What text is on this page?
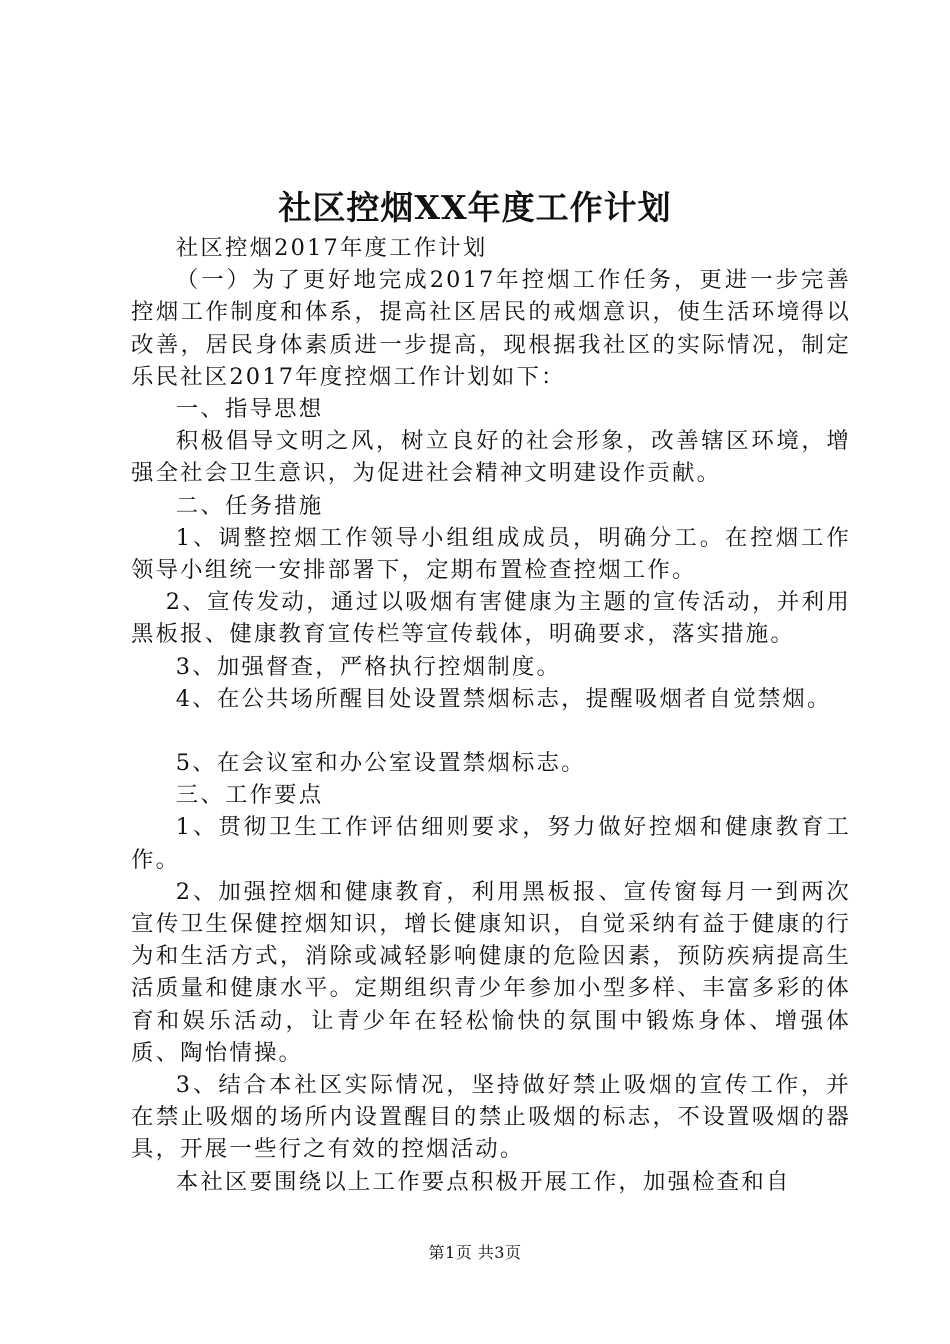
社区控烟XX年度工作计划

社区控烟2017年度工作计划

（一）为了更好地完成2017年控烟工作任务，更进一步完善控烟工作制度和体系，提高社区居民的戒烟意识，使生活环境得以改善，居民身体素质进一步提高，现根据我社区的实际情况，制定乐民社区2017年度控烟工作计划如下：

一、指导思想

积极倡导文明之风，树立良好的社会形象，改善辖区环境，增强全社会卫生意识，为促进社会精神文明建设作贡献。

二、任务措施

1、调整控烟工作领导小组组成成员，明确分工。在控烟工作领导小组统一安排部署下，定期布置检查控烟工作。

2、宣传发动，通过以吸烟有害健康为主题的宣传活动，并利用黑板报、健康教育宣传栏等宣传载体，明确要求，落实措施。

3、加强督查，严格执行控烟制度。

4、在公共场所醒目处设置禁烟标志，提醒吸烟者自觉禁烟。

5、在会议室和办公室设置禁烟标志。

三、工作要点

1、贯彻卫生工作评估细则要求，努力做好控烟和健康教育工作。

2、加强控烟和健康教育，利用黑板报、宣传窗每月一到两次宣传卫生保健控烟知识，增长健康知识，自觉采纳有益于健康的行为和生活方式，消除或减轻影响健康的危险因素，预防疾病提高生活质量和健康水平。定期组织青少年参加小型多样、丰富多彩的体育和娱乐活动，让青少年在轻松愉快的氛围中锻炼身体、增强体质、陶怡情操。

3、结合本社区实际情况，坚持做好禁止吸烟的宣传工作，并在禁止吸烟的场所内设置醒目的禁止吸烟的标志，不设置吸烟的器具，开展一些行之有效的控烟活动。

本社区要围绕以上工作要点积极开展工作，加强检查和自

第1页 共3页
